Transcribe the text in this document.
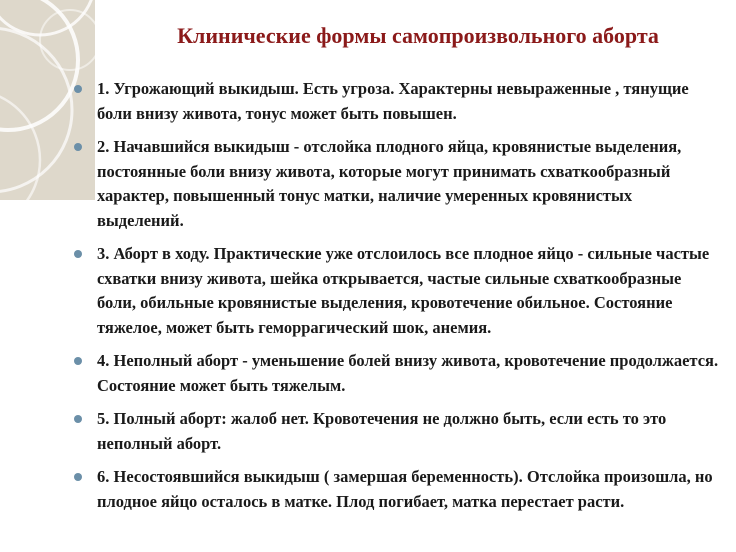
Клинические формы самопроизвольного аборта
1. Угрожающий выкидыш. Есть угроза. Характерны невыраженные , тянущие боли внизу живота, тонус может быть повышен.
2. Начавшийся выкидыш - отслойка плодного яйца, кровянистые выделения, постоянные боли внизу живота, которые могут принимать схваткообразный характер, повышенный тонус матки, наличие умеренных кровянистых выделений.
3. Аборт в ходу. Практические уже отслоилось все плодное яйцо - сильные частые схватки внизу живота, шейка открывается, частые сильные схваткообразные боли, обильные кровянистые выделения, кровотечение обильное. Состояние тяжелое, может быть геморрагический шок, анемия.
4. Неполный аборт - уменьшение болей внизу живота, кровотечение продолжается. Состояние может быть тяжелым.
5. Полный аборт: жалоб нет. Кровотечения не должно быть, если есть то это неполный аборт.
6. Несостоявшийся выкидыш ( замершая беременность). Отслойка произошла, но плодное яйцо осталось в матке. Плод погибает, матка перестает расти.
